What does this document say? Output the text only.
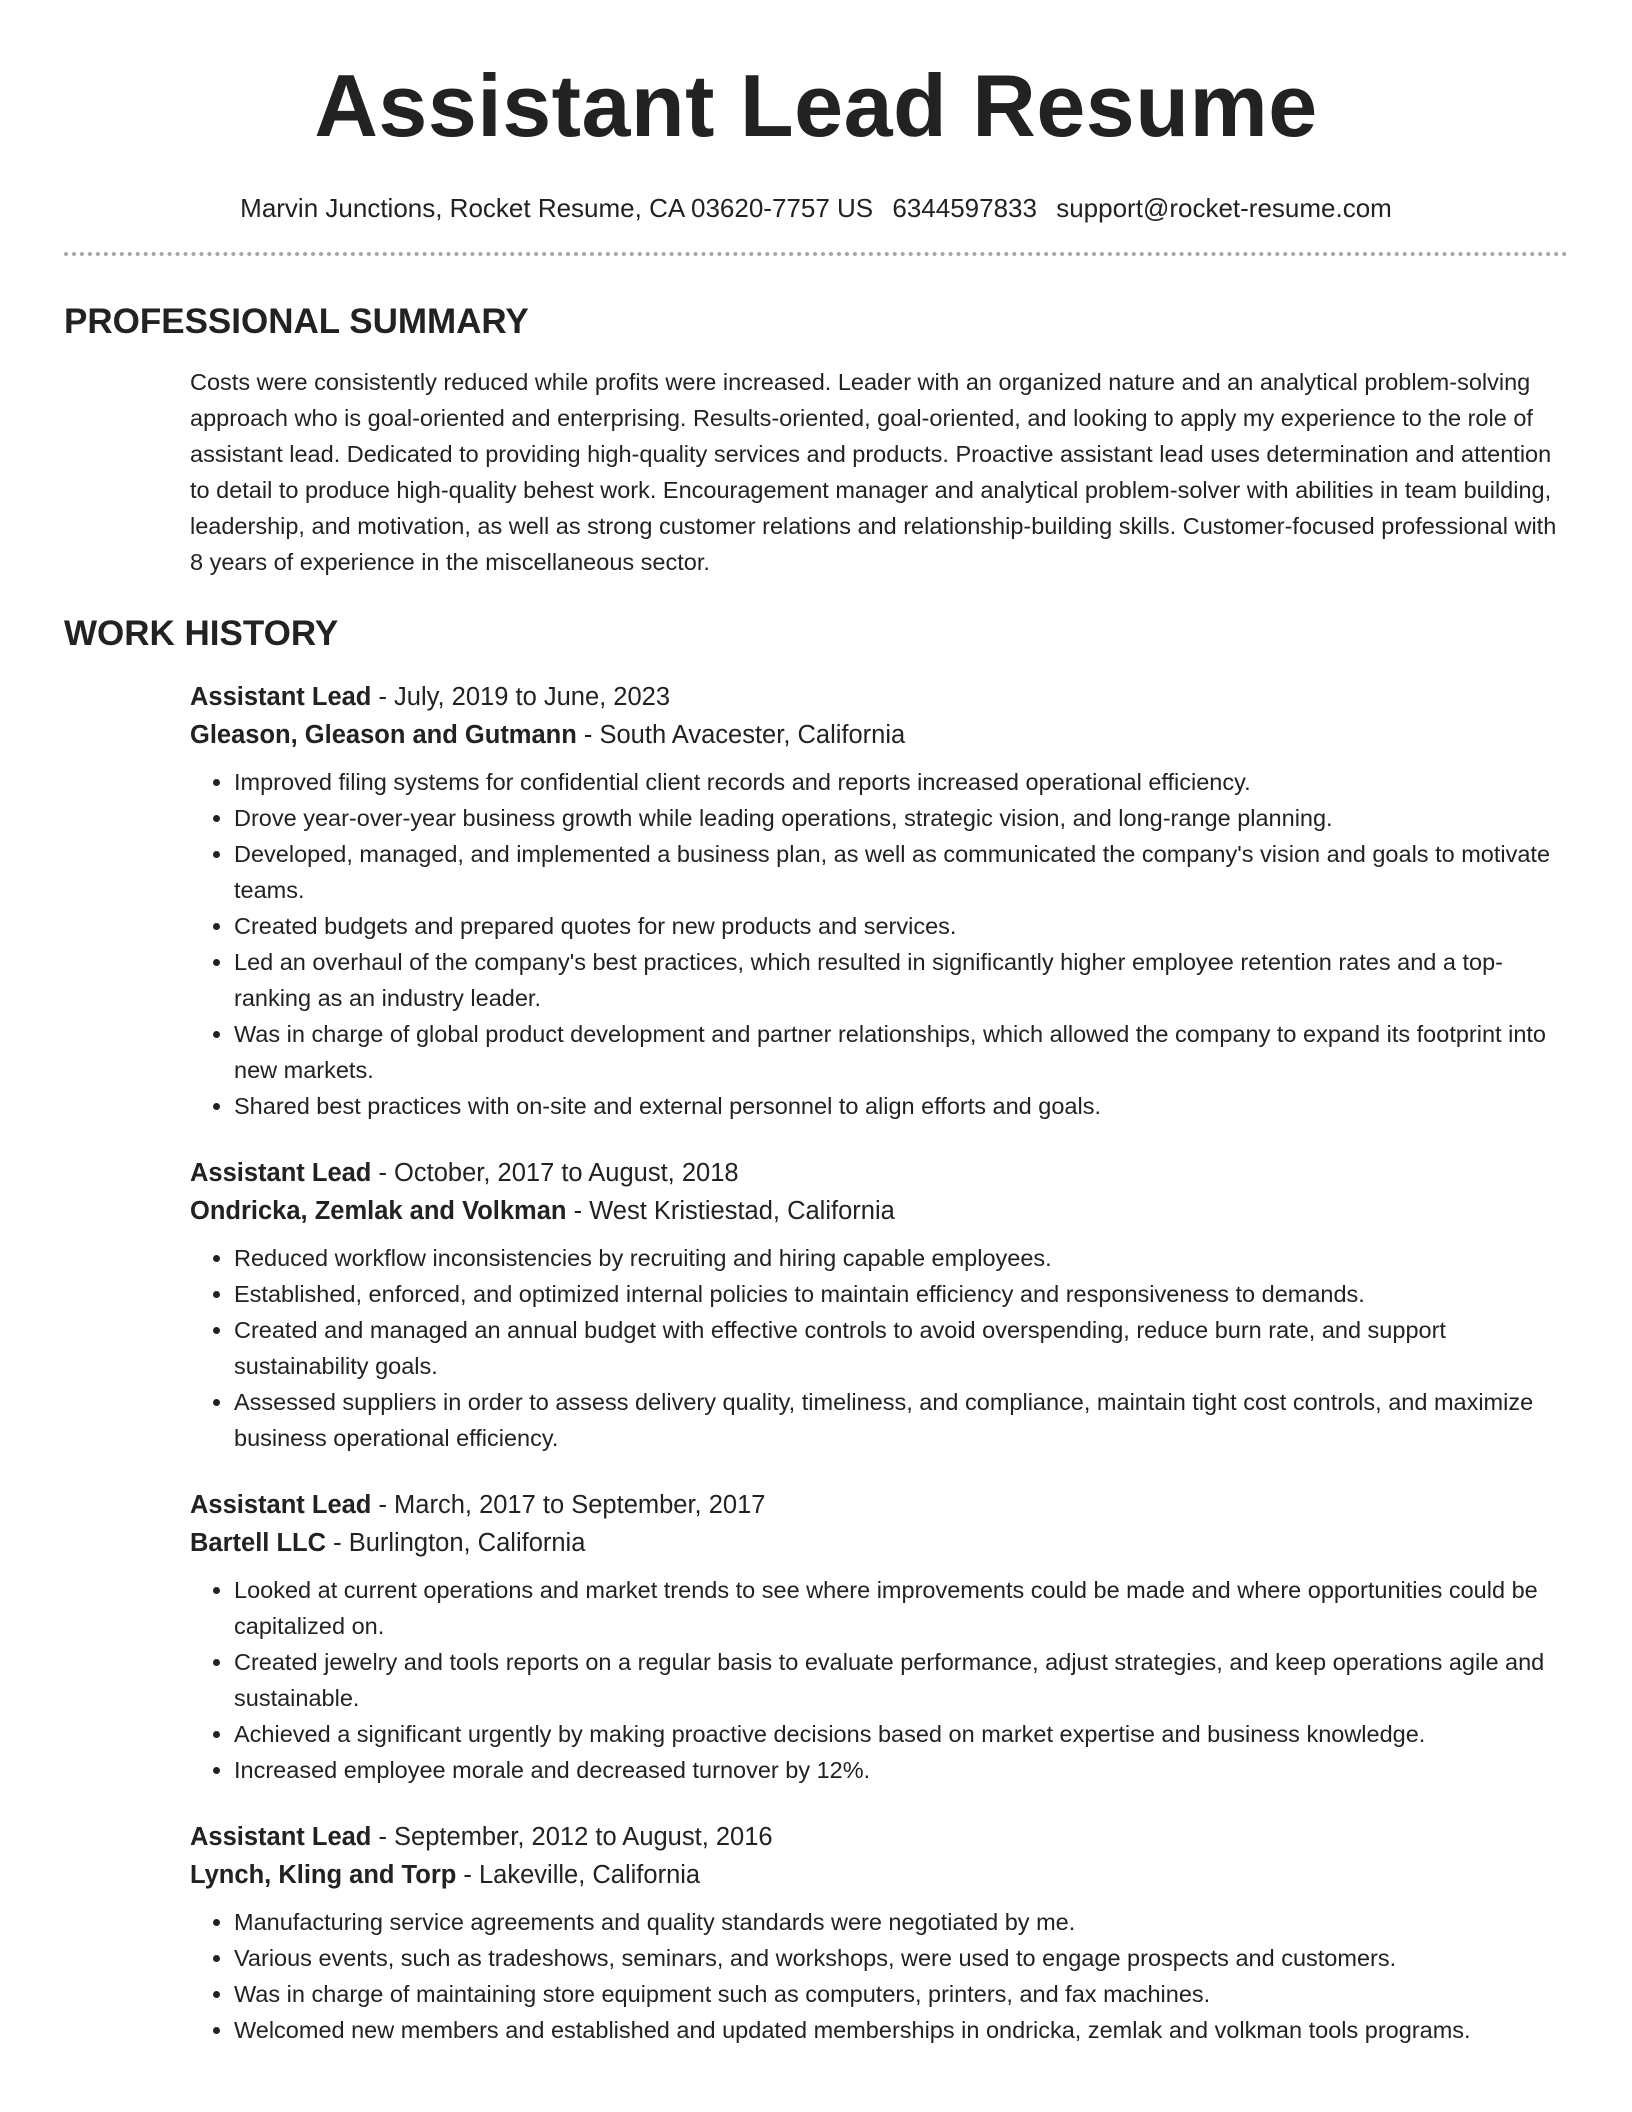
Assistant Lead Resume
Marvin Junctions, Rocket Resume, CA 03620-7757 US 6344597833 support@rocket-resume.com
PROFESSIONAL SUMMARY

Costs were consistently reduced while profits were increased. Leader with an organized nature and an analytical problem-solving approach who is goal-oriented and enterprising. Results-oriented, goal-oriented, and looking to apply my experience to the role of assistant lead. Dedicated to providing high-quality services and products. Proactive assistant lead uses determination and attention to detail to produce high-quality behest work. Encouragement manager and analytical problem-solver with abilities in team building, leadership, and motivation, as well as strong customer relations and relationship-building skills. Customer-focused professional with 8 years of experience in the miscellaneous sector.

WORK HISTORY
Assistant Lead - July, 2019 to June, 2023
Gleason, Gleason and Gutmann - South Avacester, California
• Improved filing systems for confidential client records and reports increased operational efficiency.
• Drove year-over-year business growth while leading operations, strategic vision, and long-range planning.
• Developed, managed, and implemented a business plan, as well as communicated the company's vision and goals to motivate teams.
• Created budgets and prepared quotes for new products and services.
• Led an overhaul of the company's best practices, which resulted in significantly higher employee retention rates and a top-ranking as an industry leader.
• Was in charge of global product development and partner relationships, which allowed the company to expand its footprint into new markets.
• Shared best practices with on-site and external personnel to align efforts and goals.
Assistant Lead - October, 2017 to August, 2018
Ondricka, Zemlak and Volkman - West Kristiestad, California
• Reduced workflow inconsistencies by recruiting and hiring capable employees.
• Established, enforced, and optimized internal policies to maintain efficiency and responsiveness to demands.
• Created and managed an annual budget with effective controls to avoid overspending, reduce burn rate, and support sustainability goals.
• Assessed suppliers in order to assess delivery quality, timeliness, and compliance, maintain tight cost controls, and maximize business operational efficiency.
Assistant Lead - March, 2017 to September, 2017
Bartell LLC - Burlington, California
• Looked at current operations and market trends to see where improvements could be made and where opportunities could be capitalized on.
• Created jewelry and tools reports on a regular basis to evaluate performance, adjust strategies, and keep operations agile and sustainable.
• Achieved a significant urgently by making proactive decisions based on market expertise and business knowledge.
• Increased employee morale and decreased turnover by 12%.
Assistant Lead - September, 2012 to August, 2016
Lynch, Kling and Torp - Lakeville, California
• Manufacturing service agreements and quality standards were negotiated by me.
• Various events, such as tradeshows, seminars, and workshops, were used to engage prospects and customers.
• Was in charge of maintaining store equipment such as computers, printers, and fax machines.
• Welcomed new members and established and updated memberships in ondricka, zemlak and volkman tools programs.
